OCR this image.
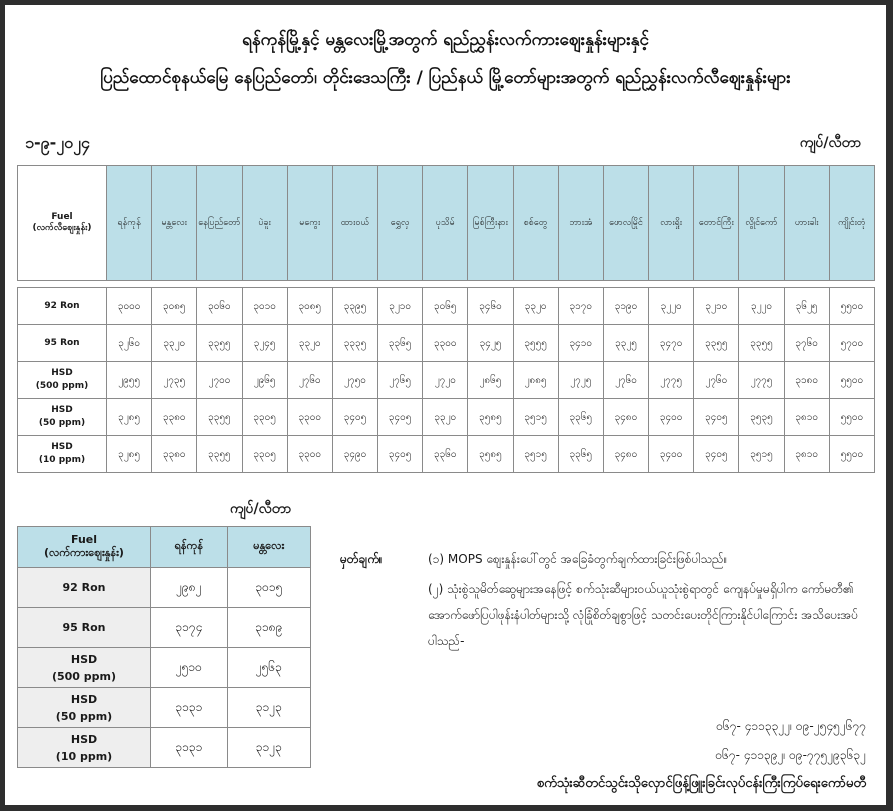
ရန်ကုန်မြို့နှင့် မန္တလေးမြို့အတွက် ရည်ညွှန်းလက်ကားဈေးနှုန်းများနှင့်
ပြည်ထောင်စုနယ်မြေ နေပြည်တော်၊ တိုင်းဒေသကြီး / ပြည်နယ် မြို့တော်များအတွက် ရည်ညွှန်းလက်လီဈေးနှုန်းများ
၁-၉-၂၀၂၄	ကျပ်/လီတာ
Fuel
(လက်လီဈေးနှုန်း)	ရန်ကုန်	မန္တလေး	နေပြည်တော်	ပဲခူး	မကွေး	ထားဝယ်	ရွှေလှ	ပုသိမ်	မြစ်ကြီးနား	စစ်တွေ	ဘားအံ	ဖောလမြိုင်	လားရှိုး	တောင်ကြီး	လွိုင်ကော်	ဟားခါး	ကျိုင်းတုံ

92 Ron	၃၀၀၀	၃၀၈၅	၃၀၆၀	၃၀၁၀	၃၀၈၅	၃၃၉၅	၃၂၁၀	၃၀၆၅	၃၄၆၀	၃၃၂၀	၃၁၇၀	၃၁၉၀	၃၂၂၀	၃၂၁၀	၃၂၂၀	၃၆၂၅	၅၅၀၀
95 Ron	၃၂၆၀	၃၃၂၀	၃၃၅၅	၃၂၄၅	၃၃၂၀	၃၃၃၅	၃၃၆၅	၃၃၀၀	၃၄၂၅	၃၅၅၅	၃၄၁၀	၃၃၂၅	၃၄၇၀	၃၃၅၅	၃၃၅၅	၃၇၆၀	၅၇၀၀
HSD
(500 ppm)	၂၉၅၅	၂၇၃၅	၂၇၀၀	၂၉၆၅	၂၇၆၀	၂၇၅၀	၂၇၆၅	၂၇၂၀	၂၈၆၅	၂၈၈၅	၂၇၂၅	၂၇၆၀	၂၇၇၅	၂၇၆၀	၂၇၇၅	၃၁၈၀	၅၅၀၀
HSD
(50 ppm)	၃၂၈၅	၃၃၈၀	၃၃၅၅	၃၃၀၅	၃၃၀၀	၃၄၀၅	၃၄၀၅	၃၃၂၀	၃၅၈၅	၃၅၁၅	၃၃၆၅	၃၄၈၀	၃၄၀၀	၃၄၀၅	၃၅၃၅	၃၈၁၀	၅၅၀၀
HSD
(10 ppm)	၃၂၈၅	၃၃၈၀	၃၃၅၅	၃၃၀၅	၃၃၀၀	၃၄၉၀	၃၄၀၅	၃၃၆၀	၃၅၈၅	၃၅၁၅	၃၃၆၅	၃၄၈၀	၃၄၀၀	၃၄၀၅	၃၅၁၅	၃၈၁၀	၅၅၀၀
ကျပ်/လီတာ
Fuel
(လက်ကားဈေးနှုန်း)	ရန်ကုန်	မန္တလေး
92 Ron	၂၉၈၂	၃၀၁၅
95 Ron	၃၁၇၄	၃၁၈၉
HSD
(500 ppm)	၂၅၁၀	၂၅၆၃
HSD
(50 ppm)	၃၁၃၁	၃၁၂၃
HSD
(10 ppm)	၃၁၃၁	၃၁၂၃
မှတ်ချက်။	(၁) MOPS ဈေးနှုန်းပေါ်တွင် အခြေခံတွက်ချက်ထားခြင်းဖြစ်ပါသည်။
(၂) သုံးစွဲသူမိတ်ဆွေများအနေဖြင့် စက်သုံးဆီများဝယ်ယူသုံးစွဲရာတွင် ကျေနပ်မှုမရှိပါက ကော်မတီ၏ အောက်ဖော်ပြပါဖုန်းနံပါတ်များသို့ လုံခြုံစိတ်ချစွာဖြင့် သတင်းပေးတိုင်ကြားနိုင်ပါကြောင်း အသိပေးအပ်ပါသည်-
၀၆၇- ၄၁၁၃၃၂၂၊ ၀၉-၂၅၄၅၂၆၇၇
၀၆၇- ၄၁၁၃၉၂၊ ၀၉-၇၇၅၂၉၃၆၃၂
စက်သုံးဆီတင်သွင်းသိုလှောင်ဖြန့်ဖြူးခြင်းလုပ်ငန်းကြီးကြပ်ရေးကော်မတီ
